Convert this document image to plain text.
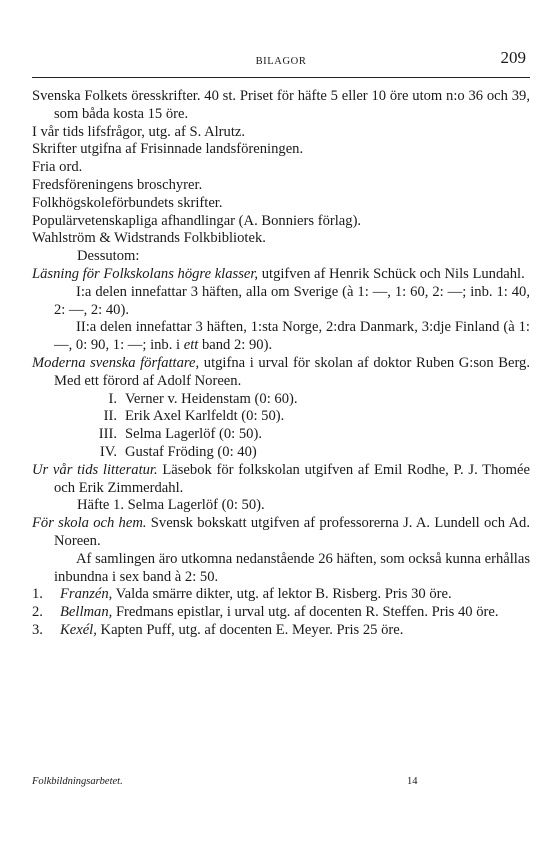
BILAGOR	209
Svenska Folkets öresskrifter. 40 st. Priset för häfte 5 eller 10 öre utom n:o 36 och 39, som båda kosta 15 öre.
I vår tids lifsfrågor, utg. af S. Alrutz.
Skrifter utgifna af Frisinnade landsföreningen.
Fria ord.
Fredsföreningens broschyrer.
Folkhögskoleförbundets skrifter.
Populärvetenskapliga afhandlingar (A. Bonniers förlag).
Wahlström & Widstrands Folkbibliotek.
Dessutom:
Läsning för Folkskolans högre klasser, utgifven af Henrik Schück och Nils Lundahl.
I:a delen innefattar 3 häften, alla om Sverige (à 1: —, 1: 60, 2: —; inb. 1: 40, 2: —, 2: 40).
II:a delen innefattar 3 häften, 1:sta Norge, 2:dra Danmark, 3:dje Finland (à 1: —, 0: 90, 1: —; inb. i ett band 2: 90).
Moderna svenska författare, utgifna i urval för skolan af doktor Ruben G:son Berg. Med ett förord af Adolf Noreen.
I. Verner v. Heidenstam (0: 60).
II. Erik Axel Karlfeldt (0: 50).
III. Selma Lagerlöf (0: 50).
IV. Gustaf Fröding (0: 40)
Ur vår tids litteratur. Läsebok för folkskolan utgifven af Emil Rodhe, P. J. Thomée och Erik Zimmerdahl.
Häfte 1. Selma Lagerlöf (0: 50).
För skola och hem. Svensk bokskatt utgifven af professorerna J. A. Lundell och Ad. Noreen.
Af samlingen äro utkomna nedanstående 26 häften, som också kunna erhållas inbundna i sex band à 2: 50.
1. Franzén, Valda smärre dikter, utg. af lektor B. Risberg. Pris 30 öre.
2. Bellman, Fredmans epistlar, i urval utg. af docenten R. Steffen. Pris 40 öre.
3. Kexél, Kapten Puff, utg. af docenten E. Meyer. Pris 25 öre.
Folkbildningsarbetet.	14
